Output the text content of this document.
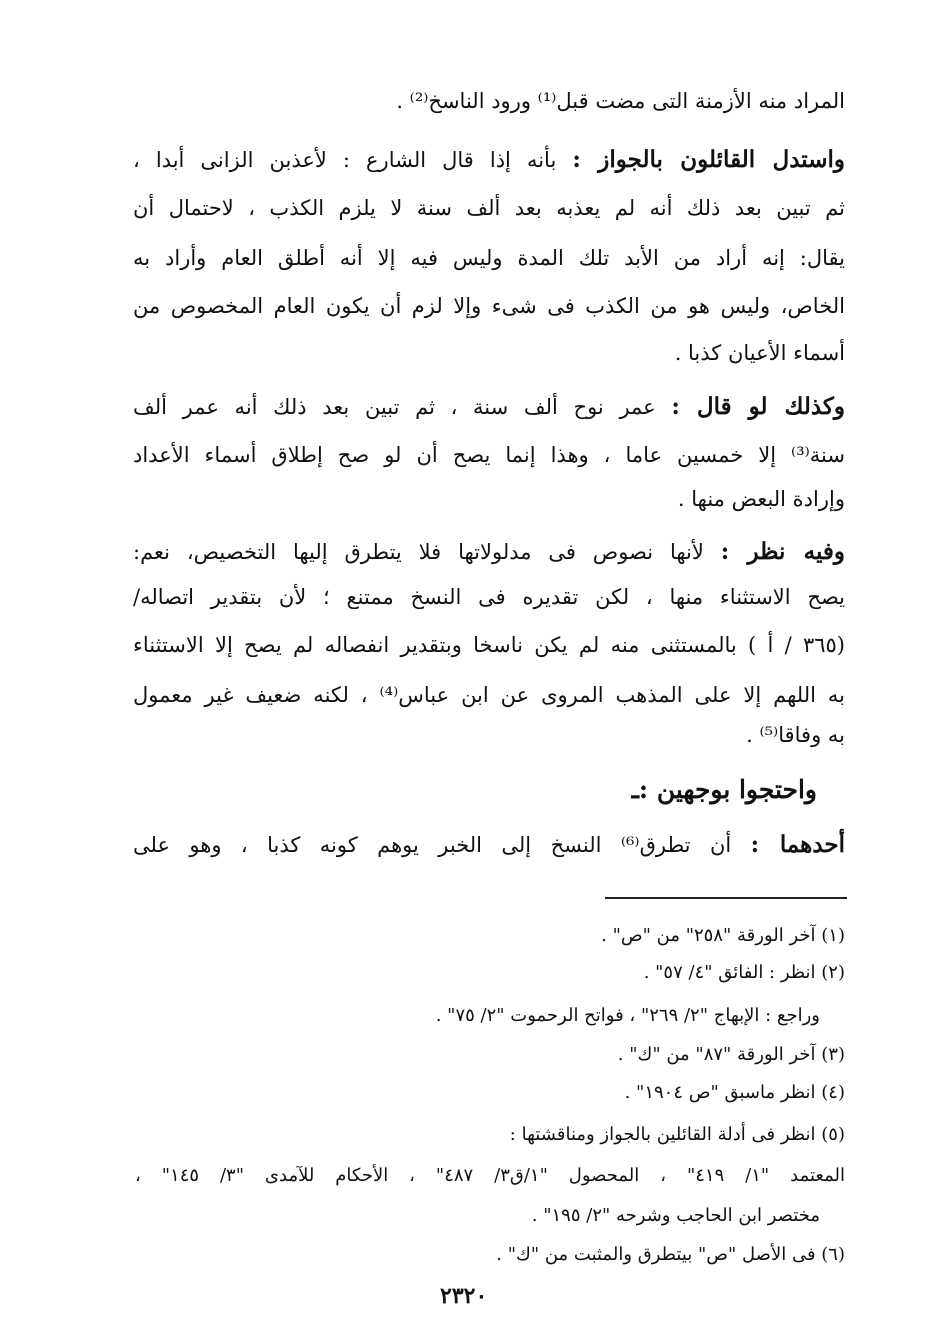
المراد منه الأزمنة التى مضت قبل⁽¹⁾ ورود الناسخ⁽²⁾ .
واستدل القائلون بالجواز : بأنه إذا قال الشارع : لأعذبن الزانى أبدا ،
ثم تبين بعد ذلك أنه لم يعذبه بعد ألف سنة لا يلزم الكذب ، لاحتمال أن
يقال: إنه أراد من الأبد تلك المدة وليس فيه إلا أنه أطلق العام وأراد به
الخاص، وليس هو من الكذب فى شىء وإلا لزم أن يكون العام المخصوص من
أسماء الأعيان كذبا .
وكذلك لو قال : عمر نوح ألف سنة ، ثم تبين بعد ذلك أنه عمر ألف
سنة⁽³⁾ إلا خمسين عاما ، وهذا إنما يصح أن لو صح إطلاق أسماء الأعداد
وإرادة البعض منها .
وفيه نظر : لأنها نصوص فى مدلولاتها فلا يتطرق إليها التخصيص، نعم:
يصح الاستثناء منها ، لكن تقديره فى النسخ ممتنع ؛ لأن بتقدير اتصاله/
(٣٦٥ / أ ) بالمستثنى منه لم يكن ناسخا وبتقدير انفصاله لم يصح إلا الاستثناء
به اللهم إلا على المذهب المروى عن ابن عباس⁽⁴⁾ ، لكنه ضعيف غير معمول
به وفاقا⁽⁵⁾ .
واحتجوا بوجهين :ـ
أحدهما : أن تطرق⁽⁶⁾ النسخ إلى الخبر يوهم كونه كذبا ، وهو على
(١) آخر الورقة "٢٥٨" من "ص" .
(٢) انظر : الفائق "٤/ ٥٧" .
وراجع : الإبهاج "٢/ ٢٦٩" ، فواتح الرحموت "٢/ ٧٥" .
(٣) آخر الورقة "٨٧" من "ك" .
(٤) انظر ماسبق "ص ١٩٠٤" .
(٥) انظر فى أدلة القائلين بالجواز ومناقشتها :
المعتمد "١/ ٤١٩" ، المحصول "١/ق٣/ ٤٨٧" ، الأحكام للآمدى "٣/ ١٤٥" ،
مختصر ابن الحاجب وشرحه "٢/ ١٩٥" .
(٦) فى الأصل "ص" بيتطرق والمثبت من "ك" .
٢٣٢٠
